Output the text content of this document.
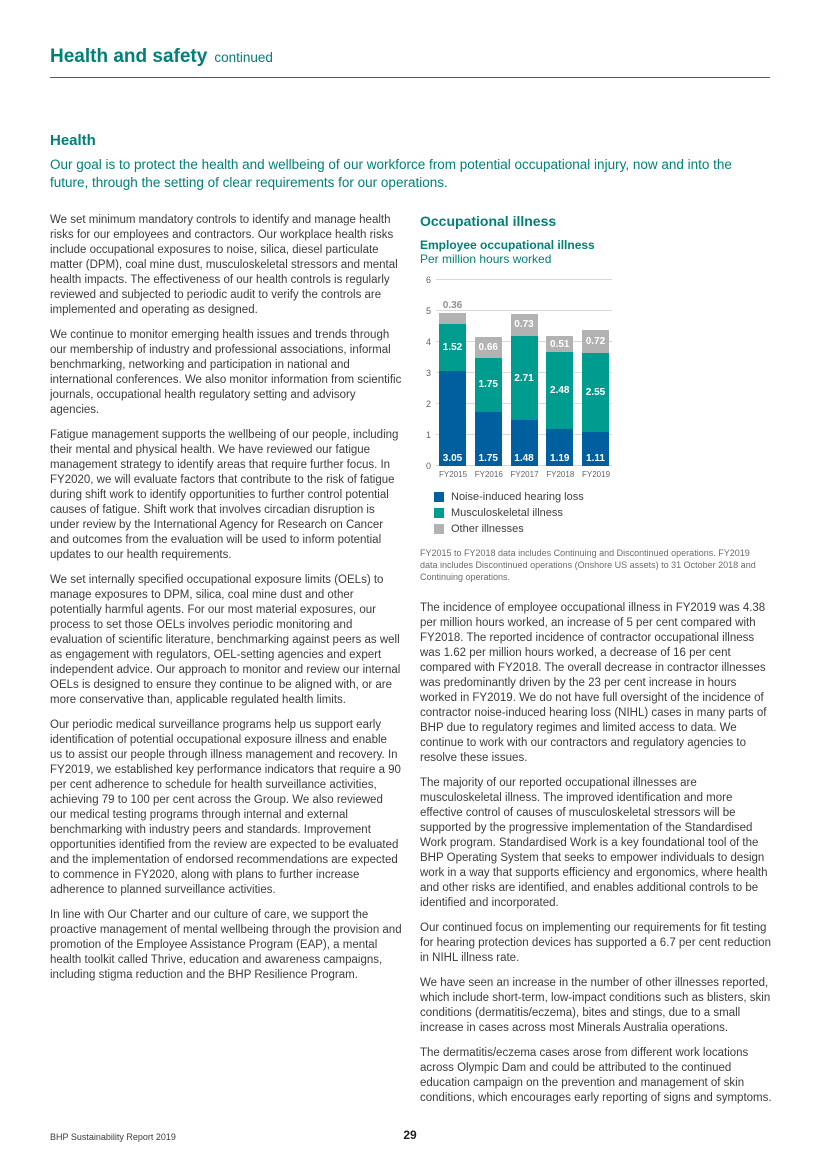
Health and safety continued
Health
Our goal is to protect the health and wellbeing of our workforce from potential occupational injury, now and into the future, through the setting of clear requirements for our operations.

We set minimum mandatory controls to identify and manage health risks for our employees and contractors. Our workplace health risks include occupational exposures to noise, silica, diesel particulate matter (DPM), coal mine dust, musculoskeletal stressors and mental health impacts. The effectiveness of our health controls is regularly reviewed and subjected to periodic audit to verify the controls are implemented and operating as designed.

We continue to monitor emerging health issues and trends through our membership of industry and professional associations, informal benchmarking, networking and participation in national and international conferences. We also monitor information from scientific journals, occupational health regulatory setting and advisory agencies.

Fatigue management supports the wellbeing of our people, including their mental and physical health. We have reviewed our fatigue management strategy to identify areas that require further focus. In FY2020, we will evaluate factors that contribute to the risk of fatigue during shift work to identify opportunities to further control potential causes of fatigue. Shift work that involves circadian disruption is under review by the International Agency for Research on Cancer and outcomes from the evaluation will be used to inform potential updates to our health requirements.

We set internally specified occupational exposure limits (OELs) to manage exposures to DPM, silica, coal mine dust and other potentially harmful agents. For our most material exposures, our process to set those OELs involves periodic monitoring and evaluation of scientific literature, benchmarking against peers as well as engagement with regulators, OEL-setting agencies and expert independent advice. Our approach to monitor and review our internal OELs is designed to ensure they continue to be aligned with, or are more conservative than, applicable regulated health limits.

Our periodic medical surveillance programs help us support early identification of potential occupational exposure illness and enable us to assist our people through illness management and recovery. In FY2019, we established key performance indicators that require a 90 per cent adherence to schedule for health surveillance activities, achieving 79 to 100 per cent across the Group. We also reviewed our medical testing programs through internal and external benchmarking with industry peers and standards. Improvement opportunities identified from the review are expected to be evaluated and the implementation of endorsed recommendations are expected to commence in FY2020, along with plans to further increase adherence to planned surveillance activities.

In line with Our Charter and our culture of care, we support the proactive management of mental wellbeing through the provision and promotion of the Employee Assistance Program (EAP), a mental health toolkit called Thrive, education and awareness campaigns, including stigma reduction and the BHP Resilience Program.

Occupational illness
Employee occupational illness
Per million hours worked
0
1
2
3
4
5
6
3.05
1.52
0.36
1.75
1.75
0.66
1.48
2.71
0.73
1.19
2.48
0.51
1.11
2.55
0.72
FY2015 FY2016 FY2017 FY2018 FY2019
Noise-induced hearing loss
Musculoskeletal illness
Other illnesses
FY2015 to FY2018 data includes Continuing and Discontinued operations. FY2019 data includes Discontinued operations (Onshore US assets) to 31 October 2018 and Continuing operations.

The incidence of employee occupational illness in FY2019 was 4.38 per million hours worked, an increase of 5 per cent compared with FY2018. The reported incidence of contractor occupational illness was 1.62 per million hours worked, a decrease of 16 per cent compared with FY2018. The overall decrease in contractor illnesses was predominantly driven by the 23 per cent increase in hours worked in FY2019. We do not have full oversight of the incidence of contractor noise-induced hearing loss (NIHL) cases in many parts of BHP due to regulatory regimes and limited access to data. We continue to work with our contractors and regulatory agencies to resolve these issues.

The majority of our reported occupational illnesses are musculoskeletal illness. The improved identification and more effective control of causes of musculoskeletal stressors will be supported by the progressive implementation of the Standardised Work program. Standardised Work is a key foundational tool of the BHP Operating System that seeks to empower individuals to design work in a way that supports efficiency and ergonomics, where health and other risks are identified, and enables additional controls to be identified and incorporated.

Our continued focus on implementing our requirements for fit testing for hearing protection devices has supported a 6.7 per cent reduction in NIHL illness rate.

We have seen an increase in the number of other illnesses reported, which include short-term, low-impact conditions such as blisters, skin conditions (dermatitis/eczema), bites and stings, due to a small increase in cases across most Minerals Australia operations.

The dermatitis/eczema cases arose from different work locations across Olympic Dam and could be attributed to the continued education campaign on the prevention and management of skin conditions, which encourages early reporting of signs and symptoms.

BHP Sustainability Report 2019	29
